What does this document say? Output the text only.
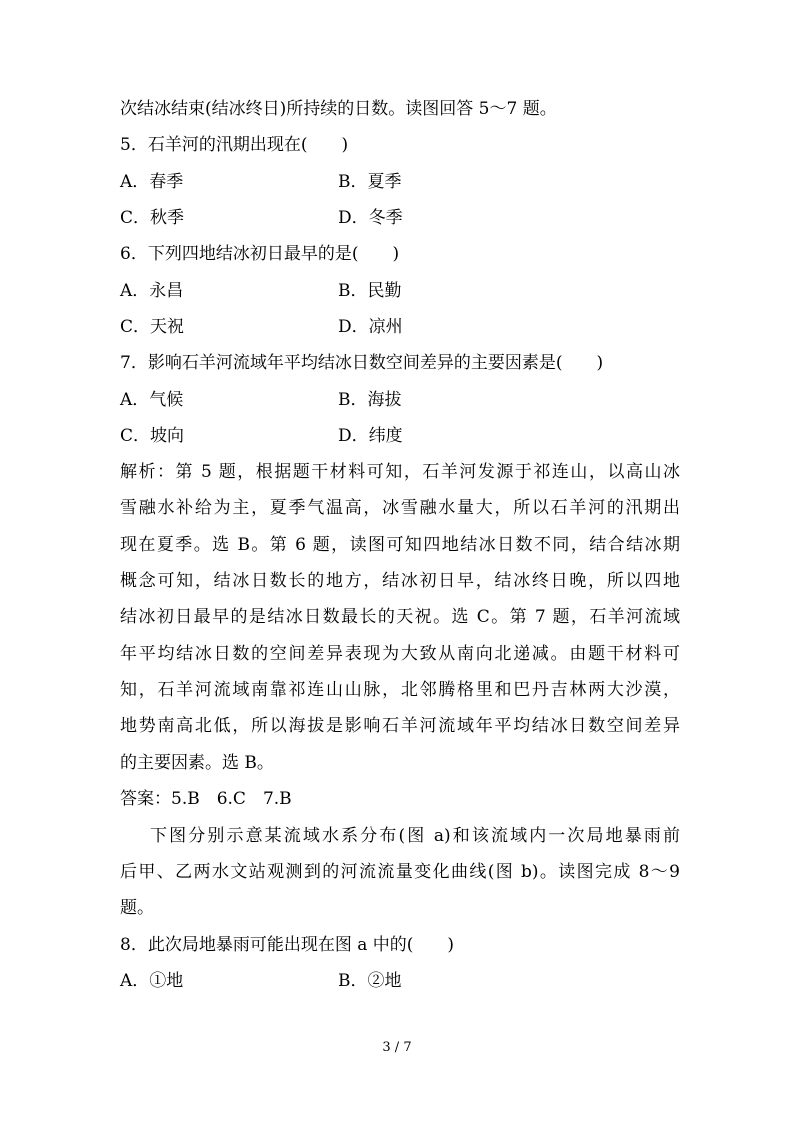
次结冰结束(结冰终日)所持续的日数。读图回答 5～7 题。
5．石羊河的汛期出现在(　　)
A．春季	B．夏季
C．秋季	D．冬季
6．下列四地结冰初日最早的是(　　)
A．永昌	B．民勤
C．天祝	D．凉州
7．影响石羊河流域年平均结冰日数空间差异的主要因素是(　　)
A．气候	B．海拔
C．坡向	D．纬度
解析：第 5 题，根据题干材料可知，石羊河发源于祁连山，以高山冰
雪融水补给为主，夏季气温高，冰雪融水量大，所以石羊河的汛期出
现在夏季。选 B。第 6 题，读图可知四地结冰日数不同，结合结冰期
概念可知，结冰日数长的地方，结冰初日早，结冰终日晚，所以四地
结冰初日最早的是结冰日数最长的天祝。选 C。第 7 题，石羊河流域
年平均结冰日数的空间差异表现为大致从南向北递减。由题干材料可
知，石羊河流域南靠祁连山山脉，北邻腾格里和巴丹吉林两大沙漠，
地势南高北低，所以海拔是影响石羊河流域年平均结冰日数空间差异
的主要因素。选 B。
答案：5.B　6.C　7.B
下图分别示意某流域水系分布(图 a)和该流域内一次局地暴雨前
后甲、乙两水文站观测到的河流流量变化曲线(图 b)。读图完成 8～9
题。
8．此次局地暴雨可能出现在图 a 中的(　　)
A．①地	B．②地
3 / 7
